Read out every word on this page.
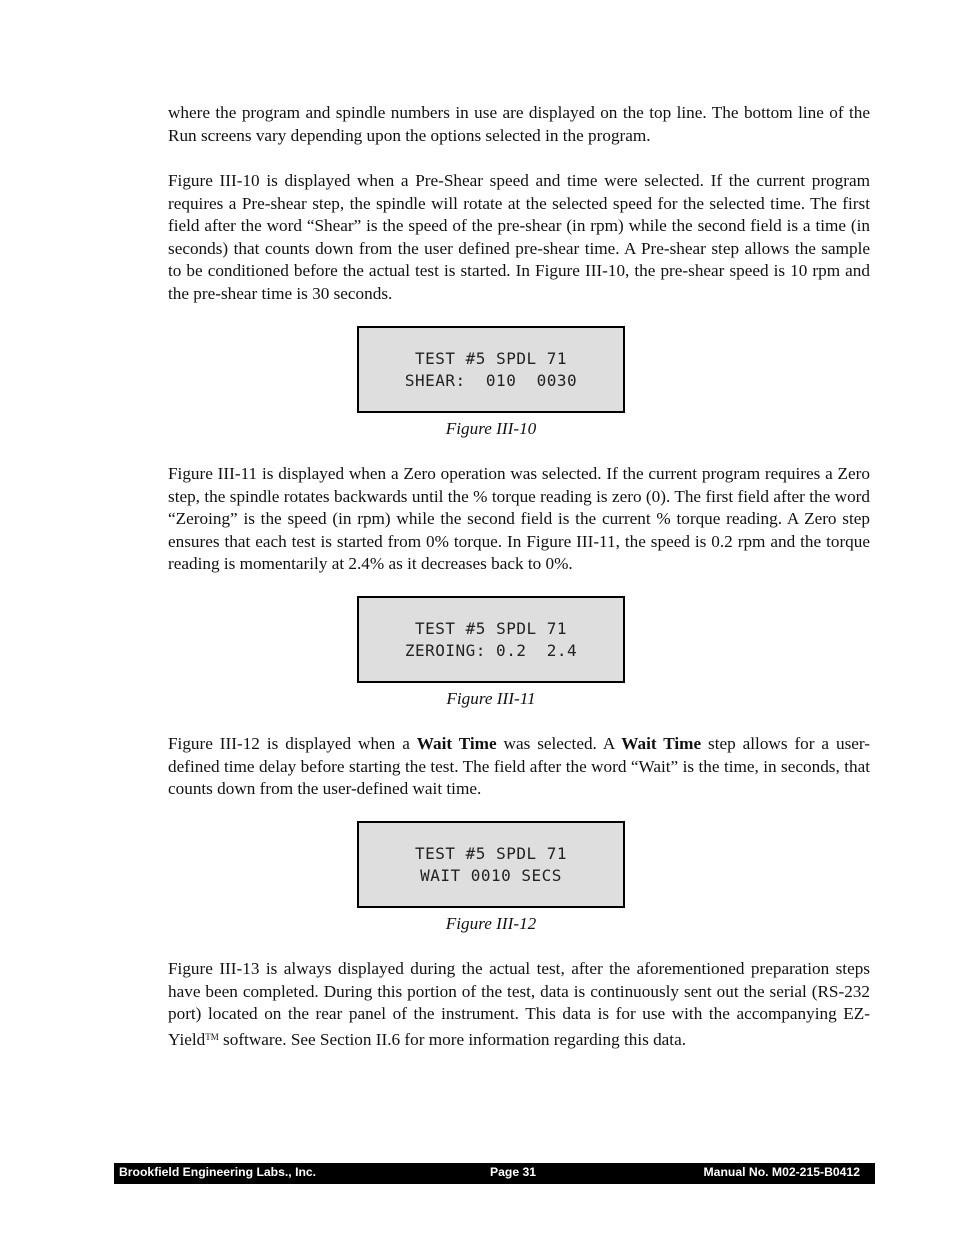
where the program and spindle numbers in use are displayed on the top line. The bottom line of the Run screens vary depending upon the options selected in the program.

Figure III-10 is displayed when a Pre-Shear speed and time were selected. If the current program requires a Pre-shear step, the spindle will rotate at the selected speed for the selected time. The first field after the word “Shear” is the speed of the pre-shear (in rpm) while the second field is a time (in seconds) that counts down from the user defined pre-shear time. A Pre-shear step allows the sample to be conditioned before the actual test is started. In Figure III-10, the pre-shear speed is 10 rpm and the pre-shear time is 30 seconds.

TEST #5 SPDL 71
SHEAR:  010  0030
Figure III-10

Figure III-11 is displayed when a Zero operation was selected. If the current program requires a Zero step, the spindle rotates backwards until the % torque reading is zero (0). The first field after the word “Zeroing” is the speed (in rpm) while the second field is the current % torque reading. A Zero step ensures that each test is started from 0% torque. In Figure III-11, the speed is 0.2 rpm and the torque reading is momentarily at 2.4% as it decreases back to 0%.

TEST #5 SPDL 71
ZEROING: 0.2  2.4
Figure III-11

Figure III-12 is displayed when a Wait Time was selected. A Wait Time step allows for a user-defined time delay before starting the test. The field after the word “Wait” is the time, in seconds, that counts down from the user-defined wait time.

TEST #5 SPDL 71
WAIT 0010 SECS
Figure III-12

Figure III-13 is always displayed during the actual test, after the aforementioned preparation steps have been completed. During this portion of the test, data is continuously sent out the serial (RS-232 port) located on the rear panel of the instrument. This data is for use with the accompanying EZ-Yield™ software. See Section II.6 for more information regarding this data.

Brookfield Engineering Labs., Inc.	Page 31	Manual No. M02-215-B0412
